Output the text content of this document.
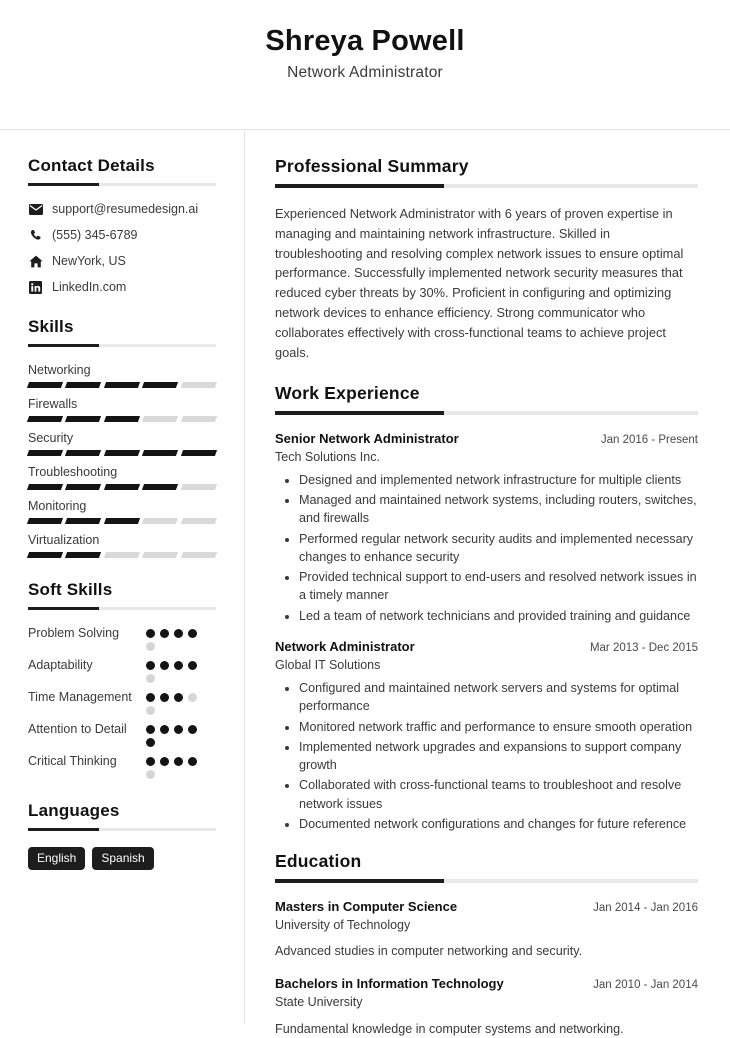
Shreya Powell
Network Administrator
Contact Details
support@resumedesign.ai
(555) 345-6789
NewYork, US
LinkedIn.com
Skills
Networking
Firewalls
Security
Troubleshooting
Monitoring
Virtualization
Soft Skills
Problem Solving
Adaptability
Time Management
Attention to Detail
Critical Thinking
Languages
English	Spanish
Professional Summary

Experienced Network Administrator with 6 years of proven expertise in managing and maintaining network infrastructure. Skilled in troubleshooting and resolving complex network issues to ensure optimal performance. Successfully implemented network security measures that reduced cyber threats by 30%. Proficient in configuring and optimizing network devices to enhance efficiency. Strong communicator who collaborates effectively with cross-functional teams to achieve project goals.

Work Experience
Senior Network Administrator	Jan 2016 - Present
Tech Solutions Inc.
• Designed and implemented network infrastructure for multiple clients
• Managed and maintained network systems, including routers, switches, and firewalls
• Performed regular network security audits and implemented necessary changes to enhance security
• Provided technical support to end-users and resolved network issues in a timely manner
• Led a team of network technicians and provided training and guidance
Network Administrator	Mar 2013 - Dec 2015
Global IT Solutions
• Configured and maintained network servers and systems for optimal performance
• Monitored network traffic and performance to ensure smooth operation
• Implemented network upgrades and expansions to support company growth
• Collaborated with cross-functional teams to troubleshoot and resolve network issues
• Documented network configurations and changes for future reference
Education
Masters in Computer Science	Jan 2014 - Jan 2016
University of Technology

Advanced studies in computer networking and security.

Bachelors in Information Technology	Jan 2010 - Jan 2014
State University

Fundamental knowledge in computer systems and networking.
